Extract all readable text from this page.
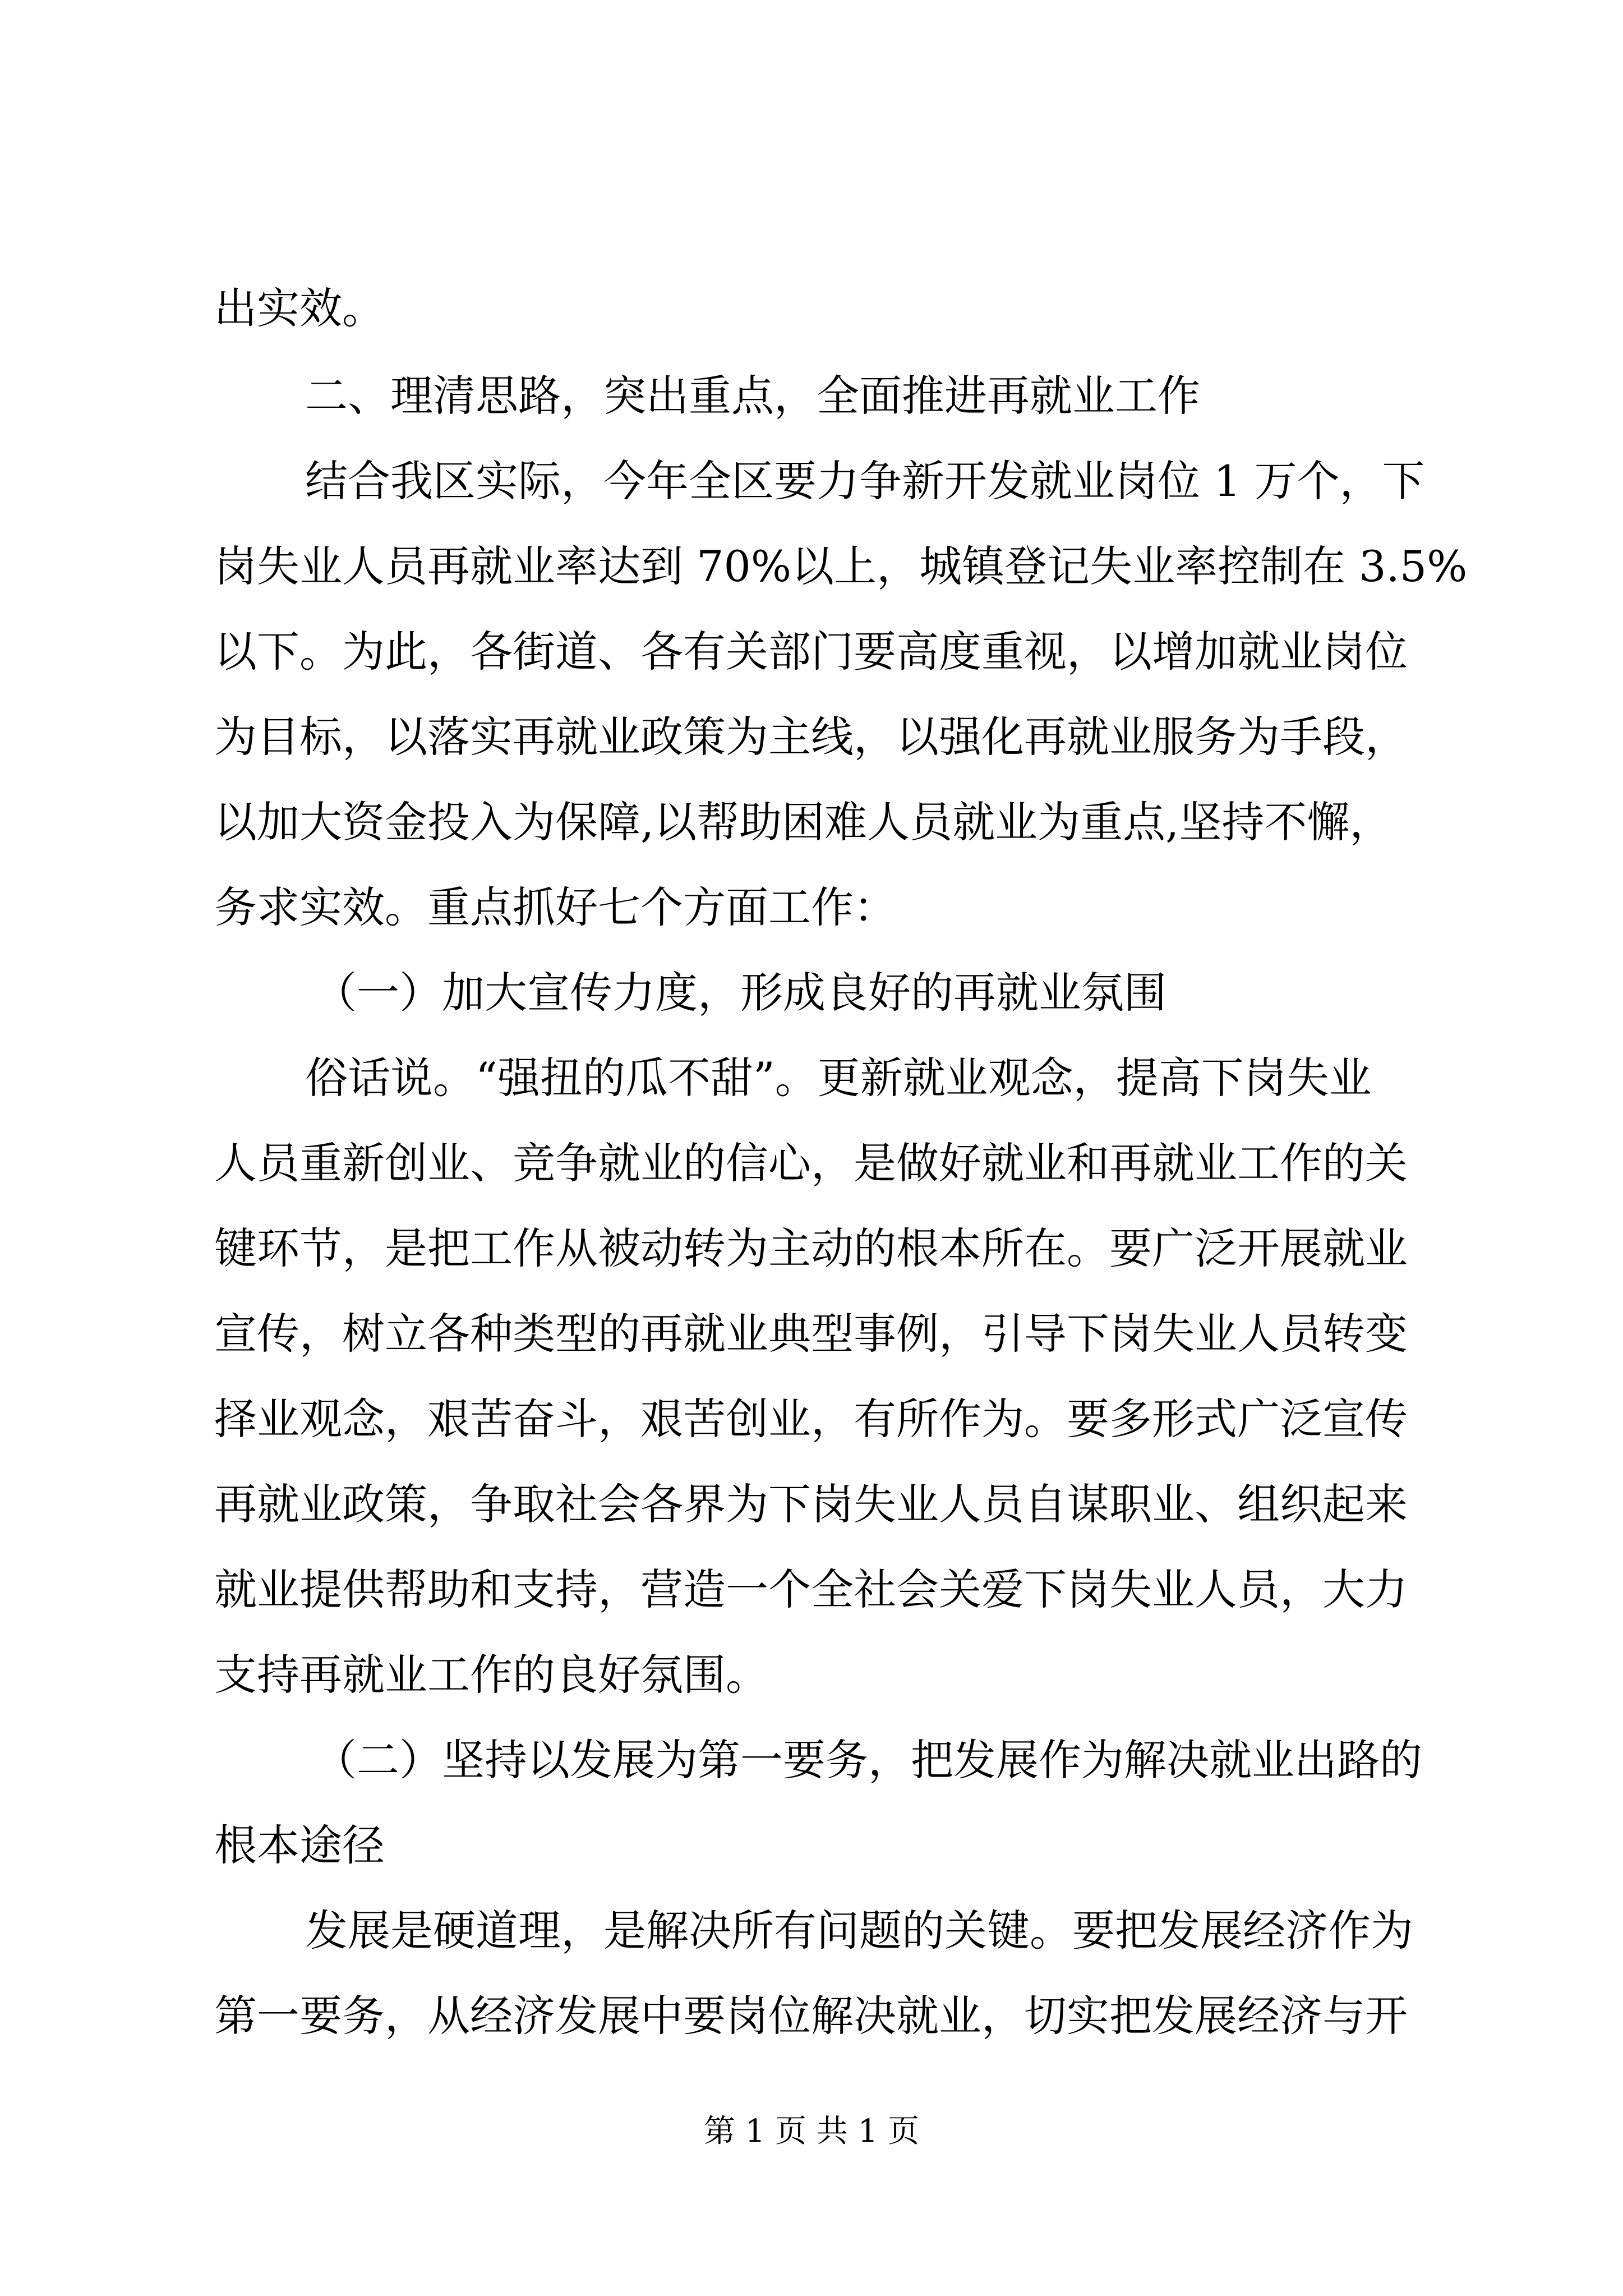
出实效。
二、理清思路，突出重点，全面推进再就业工作
结合我区实际，今年全区要力争新开发就业岗位 1 万个，下
岗失业人员再就业率达到 70%以上，城镇登记失业率控制在 3.5%
以下。为此，各街道、各有关部门要高度重视，以增加就业岗位
为目标，以落实再就业政策为主线，以强化再就业服务为手段，
以加大资金投入为保障,以帮助困难人员就业为重点,坚持不懈，
务求实效。重点抓好七个方面工作：
（一）加大宣传力度，形成良好的再就业氛围
俗话说。“强扭的瓜不甜”。更新就业观念，提高下岗失业
人员重新创业、竞争就业的信心，是做好就业和再就业工作的关
键环节，是把工作从被动转为主动的根本所在。要广泛开展就业
宣传，树立各种类型的再就业典型事例，引导下岗失业人员转变
择业观念，艰苦奋斗，艰苦创业，有所作为。要多形式广泛宣传
再就业政策，争取社会各界为下岗失业人员自谋职业、组织起来
就业提供帮助和支持，营造一个全社会关爱下岗失业人员，大力
支持再就业工作的良好氛围。
（二）坚持以发展为第一要务，把发展作为解决就业出路的
根本途径
发展是硬道理，是解决所有问题的关键。要把发展经济作为
第一要务，从经济发展中要岗位解决就业，切实把发展经济与开
第 1 页 共 1 页
